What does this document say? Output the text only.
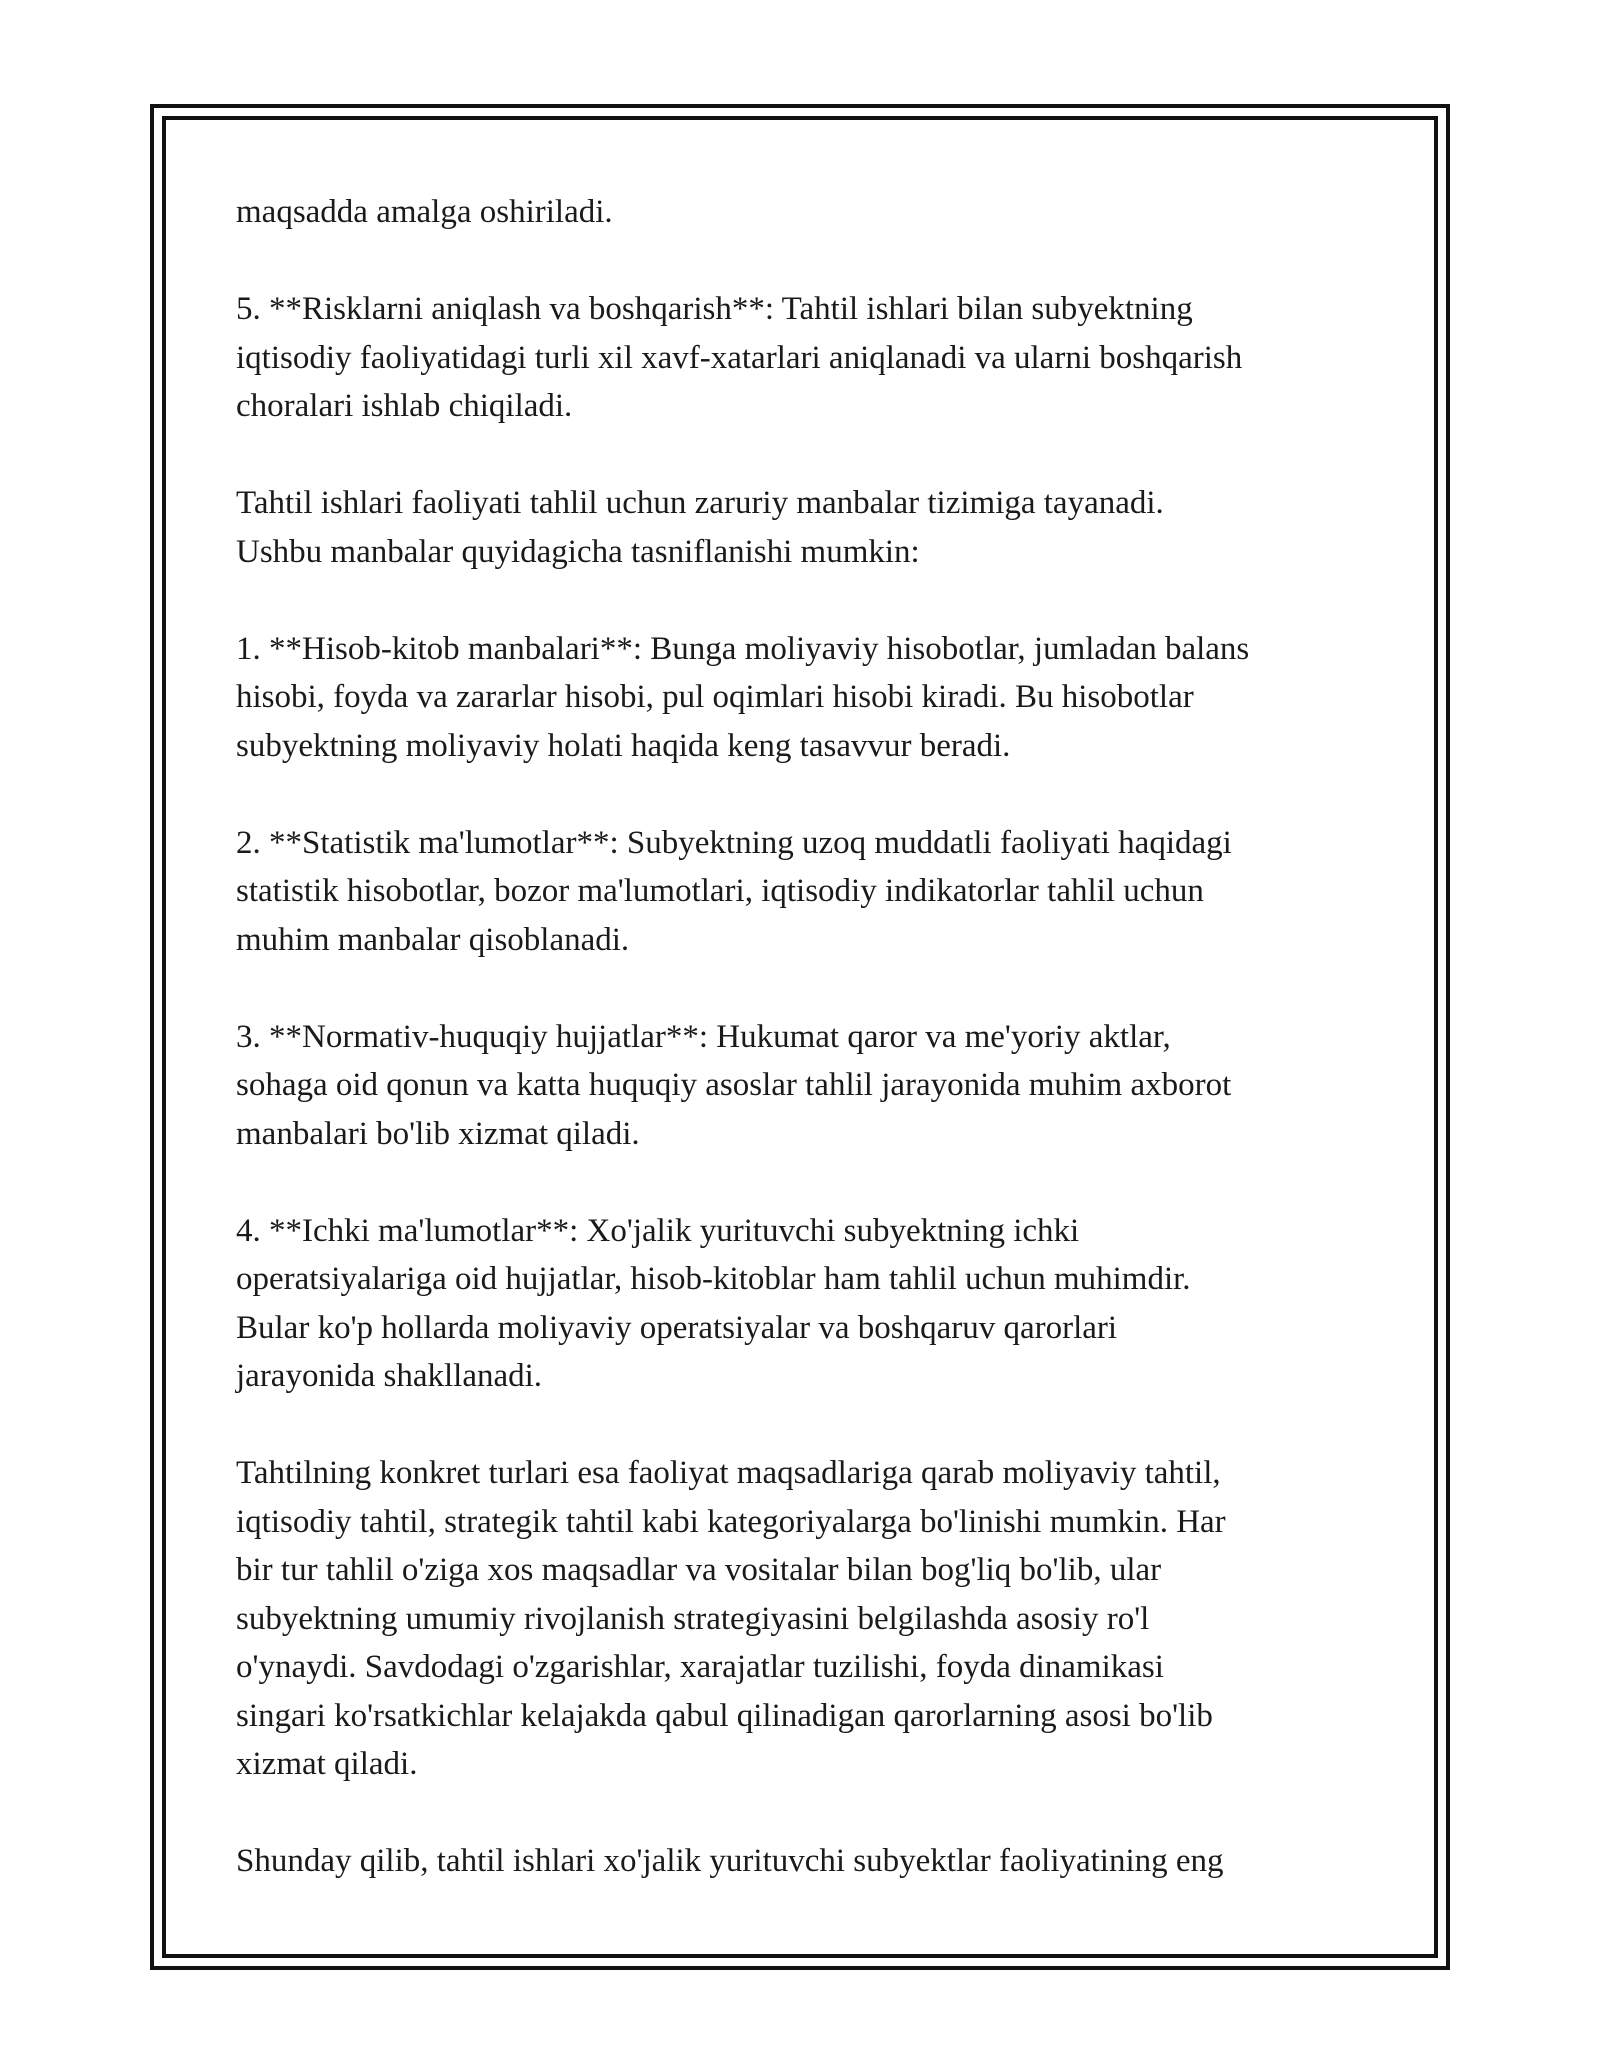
maqsadda amalga oshiriladi.

5. **Risklarni aniqlash va boshqarish**: Tahtil ishlari bilan subyektning
iqtisodiy faoliyatidagi turli xil xavf-xatarlari aniqlanadi va ularni boshqarish
choralari ishlab chiqiladi.

Tahtil ishlari faoliyati tahlil uchun zaruriy manbalar tizimiga tayanadi.
Ushbu manbalar quyidagicha tasniflanishi mumkin:

1. **Hisob-kitob manbalari**: Bunga moliyaviy hisobotlar, jumladan balans
hisobi, foyda va zararlar hisobi, pul oqimlari hisobi kiradi. Bu hisobotlar
subyektning moliyaviy holati haqida keng tasavvur beradi.

2. **Statistik ma'lumotlar**: Subyektning uzoq muddatli faoliyati haqidagi
statistik hisobotlar, bozor ma'lumotlari, iqtisodiy indikatorlar tahlil uchun
muhim manbalar qisoblanadi.

3. **Normativ-huquqiy hujjatlar**: Hukumat qaror va me'yoriy aktlar,
sohaga oid qonun va katta huquqiy asoslar tahlil jarayonida muhim axborot
manbalari bo'lib xizmat qiladi.

4. **Ichki ma'lumotlar**: Xo'jalik yurituvchi subyektning ichki
operatsiyalariga oid hujjatlar, hisob-kitoblar ham tahlil uchun muhimdir.
Bular ko'p hollarda moliyaviy operatsiyalar va boshqaruv qarorlari
jarayonida shakllanadi.

Tahtilning konkret turlari esa faoliyat maqsadlariga qarab moliyaviy tahtil,
iqtisodiy tahtil, strategik tahtil kabi kategoriyalarga bo'linishi mumkin. Har
bir tur tahlil o'ziga xos maqsadlar va vositalar bilan bog'liq bo'lib, ular
subyektning umumiy rivojlanish strategiyasini belgilashda asosiy ro'l
o'ynaydi. Savdodagi o'zgarishlar, xarajatlar tuzilishi, foyda dinamikasi
singari ko'rsatkichlar kelajakda qabul qilinadigan qarorlarning asosi bo'lib
xizmat qiladi.

Shunday qilib, tahtil ishlari xo'jalik yurituvchi subyektlar faoliyatining eng
